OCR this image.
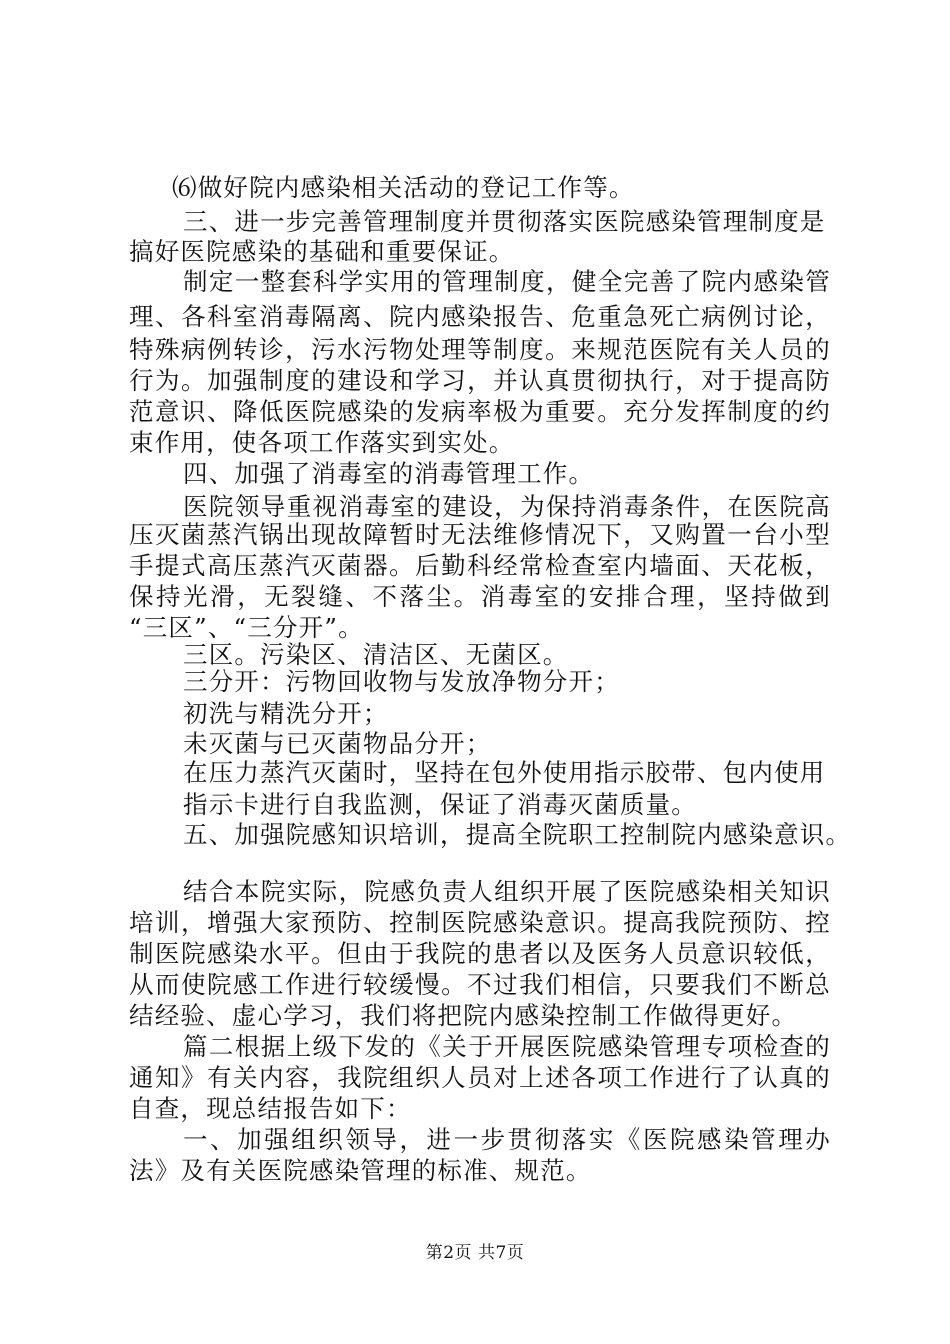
⑹做好院内感染相关活动的登记工作等。
三、进一步完善管理制度并贯彻落实医院感染管理制度是
搞好医院感染的基础和重要保证。
制定一整套科学实用的管理制度，健全完善了院内感染管
理、各科室消毒隔离、院内感染报告、危重急死亡病例讨论，
特殊病例转诊，污水污物处理等制度。来规范医院有关人员的
行为。加强制度的建设和学习，并认真贯彻执行，对于提高防
范意识、降低医院感染的发病率极为重要。充分发挥制度的约
束作用，使各项工作落实到实处。
四、加强了消毒室的消毒管理工作。
医院领导重视消毒室的建设，为保持消毒条件，在医院高
压灭菌蒸汽锅出现故障暂时无法维修情况下，又购置一台小型
手提式高压蒸汽灭菌器。后勤科经常检查室内墙面、天花板，
保持光滑，无裂缝、不落尘。消毒室的安排合理，坚持做到
“三区”、“三分开”。
三区。污染区、清洁区、无菌区。
三分开：污物回收物与发放净物分开；
初洗与精洗分开；
未灭菌与已灭菌物品分开；
在压力蒸汽灭菌时，坚持在包外使用指示胶带、包内使用
指示卡进行自我监测，保证了消毒灭菌质量。
五、加强院感知识培训，提高全院职工控制院内感染意识。
结合本院实际，院感负责人组织开展了医院感染相关知识
培训，增强大家预防、控制医院感染意识。提高我院预防、控
制医院感染水平。但由于我院的患者以及医务人员意识较低，
从而使院感工作进行较缓慢。不过我们相信，只要我们不断总
结经验、虚心学习，我们将把院内感染控制工作做得更好。
篇二根据上级下发的《关于开展医院感染管理专项检查的
通知》有关内容，我院组织人员对上述各项工作进行了认真的
自查，现总结报告如下：
一、加强组织领导，进一步贯彻落实《医院感染管理办
法》及有关医院感染管理的标准、规范。
第2页 共7页
